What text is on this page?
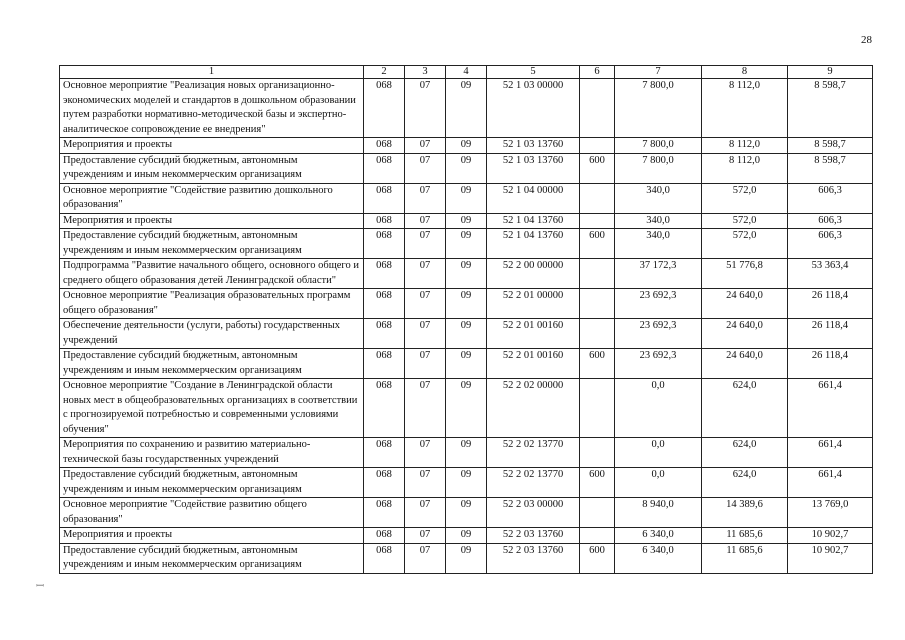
28
1	2	3	4	5	6	7	8	9
Основное мероприятие "Реализация новых организационно-экономических моделей и стандартов в дошкольном образовании путем разработки нормативно-методической базы и экспертно-аналитическое сопровождение ее внедрения"	068	07	09	52 1 03 00000		7 800,0	8 112,0	8 598,7
Мероприятия и проекты	068	07	09	52 1 03 13760		7 800,0	8 112,0	8 598,7
Предоставление субсидий бюджетным, автономным учреждениям и иным некоммерческим организациям	068	07	09	52 1 03 13760	600	7 800,0	8 112,0	8 598,7
Основное мероприятие "Содействие развитию дошкольного образования"	068	07	09	52 1 04 00000		340,0	572,0	606,3
Мероприятия и проекты	068	07	09	52 1 04 13760		340,0	572,0	606,3
Предоставление субсидий бюджетным, автономным учреждениям и иным некоммерческим организациям	068	07	09	52 1 04 13760	600	340,0	572,0	606,3
Подпрограмма "Развитие начального общего, основного общего и среднего общего образования детей Ленинградской области"	068	07	09	52 2 00 00000		37 172,3	51 776,8	53 363,4
Основное мероприятие "Реализация образовательных программ общего образования"	068	07	09	52 2 01 00000		23 692,3	24 640,0	26 118,4
Обеспечение деятельности (услуги, работы) государственных учреждений	068	07	09	52 2 01 00160		23 692,3	24 640,0	26 118,4
Предоставление субсидий бюджетным, автономным учреждениям и иным некоммерческим организациям	068	07	09	52 2 01 00160	600	23 692,3	24 640,0	26 118,4
Основное мероприятие "Создание в Ленинградской области новых мест в общеобразовательных организациях в соответствии с прогнозируемой потребностью и современными условиями обучения"	068	07	09	52 2 02 00000		0,0	624,0	661,4
Мероприятия по сохранению и развитию материально-технической базы государственных учреждений	068	07	09	52 2 02 13770		0,0	624,0	661,4
Предоставление субсидий бюджетным, автономным учреждениям и иным некоммерческим организациям	068	07	09	52 2 02 13770	600	0,0	624,0	661,4
Основное мероприятие "Содействие развитию общего образования"	068	07	09	52 2 03 00000		8 940,0	14 389,6	13 769,0
Мероприятия и проекты	068	07	09	52 2 03 13760		6 340,0	11 685,6	10 902,7
Предоставление субсидий бюджетным, автономным учреждениям и иным некоммерческим организациям	068	07	09	52 2 03 13760	600	6 340,0	11 685,6	10 902,7
ꟷ
